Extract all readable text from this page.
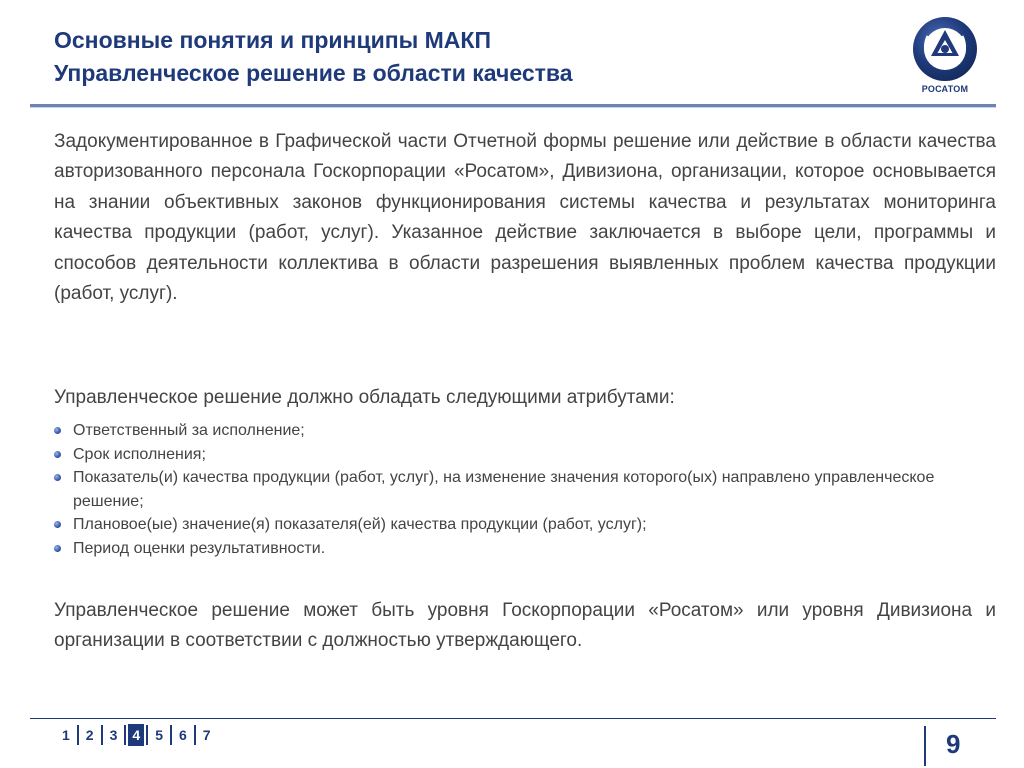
Основные понятия и принципы МАКП
Управленческое решение в области качества
РОСАТОМ
Задокументированное в Графической части Отчетной формы решение или действие в области качества авторизованного персонала Госкорпорации «Росатом», Дивизиона, организации, которое основывается на знании объективных законов функционирования системы качества и результатах мониторинга качества продукции (работ, услуг). Указанное действие заключается в выборе цели, программы и способов деятельности коллектива в области разрешения выявленных проблем качества продукции (работ, услуг).
Управленческое решение должно обладать следующими атрибутами:
Ответственный за исполнение;
Срок исполнения;
Показатель(и) качества продукции (работ, услуг), на изменение значения которого(ых) направлено управленческое решение;
Плановое(ые) значение(я) показателя(ей) качества продукции (работ, услуг);
Период оценки результативности.
Управленческое решение может быть уровня Госкорпорации «Росатом» или уровня Дивизиона и организации в соответствии с должностью утверждающего.
1	2	3	4	5	6	7	9
